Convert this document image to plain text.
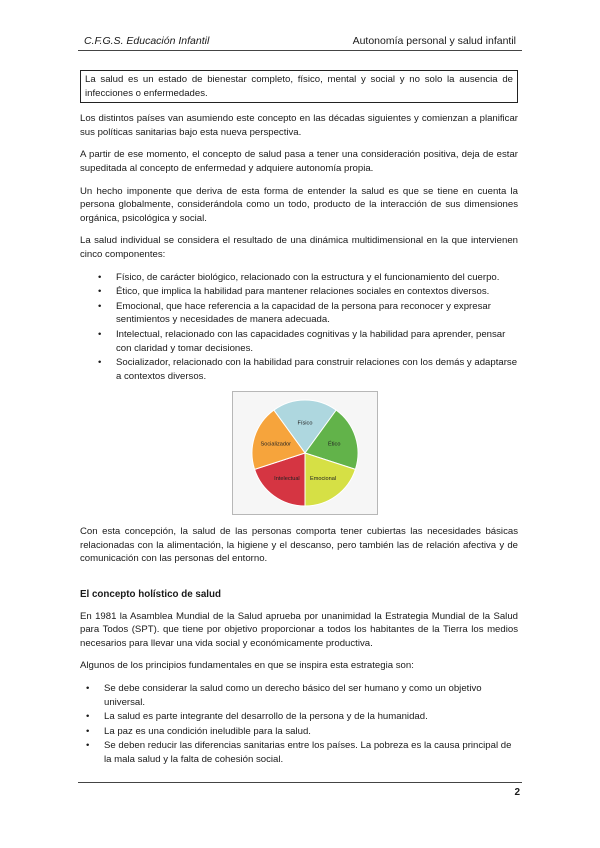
C.F.G.S. Educación Infantil	Autonomía personal y salud infantil
La salud es un estado de bienestar completo, físico, mental y social y no solo la ausencia de infecciones o enfermedades.

Los distintos países van asumiendo este concepto en las décadas siguientes y comienzan a planificar sus políticas sanitarias bajo esta nueva perspectiva.

A partir de ese momento, el concepto de salud pasa a tener una consideración positiva, deja de estar supeditada al concepto de enfermedad y adquiere autonomía propia.

Un hecho imponente que deriva de esta forma de entender la salud es que se tiene en cuenta la persona globalmente, considerándola como un todo, producto de la interacción de sus dimensiones orgánica, psicológica y social.

La salud individual se considera el resultado de una dinámica multidimensional en la que intervienen cinco componentes:

• Físico, de carácter biológico, relacionado con la estructura y el funcionamiento del cuerpo.
• Ético, que implica la habilidad para mantener relaciones sociales en contextos diversos.
• Emocional, que hace referencia a la capacidad de la persona para reconocer y expresar sentimientos y necesidades de manera adecuada.
• Intelectual, relacionado con las capacidades cognitivas y la habilidad para aprender, pensar con claridad y tomar decisiones.
• Socializador, relacionado con la habilidad para construir relaciones con los demás y adaptarse a contextos diversos.
Físico
Ético
Emocional
Intelectual
Socializador

Con esta concepción, la salud de las personas comporta tener cubiertas las necesidades básicas relacionadas con la alimentación, la higiene y el descanso, pero también las de relación afectiva y de comunicación con las personas del entorno.

El concepto holístico de salud

En 1981 la Asamblea Mundial de la Salud aprueba por unanimidad la Estrategia Mundial de la Salud para Todos (SPT). que tiene por objetivo proporcionar a todos los habitantes de la Tierra los medios necesarios para llevar una vida social y económicamente productiva.

Algunos de los principios fundamentales en que se inspira esta estrategia son:

• Se debe considerar la salud como un derecho básico del ser humano y como un objetivo universal.
• La salud es parte integrante del desarrollo de la persona y de la humanidad.
• La paz es una condición ineludible para la salud.
• Se deben reducir las diferencias sanitarias entre los países. La pobreza es la causa principal de la mala salud y la falta de cohesión social.
2
